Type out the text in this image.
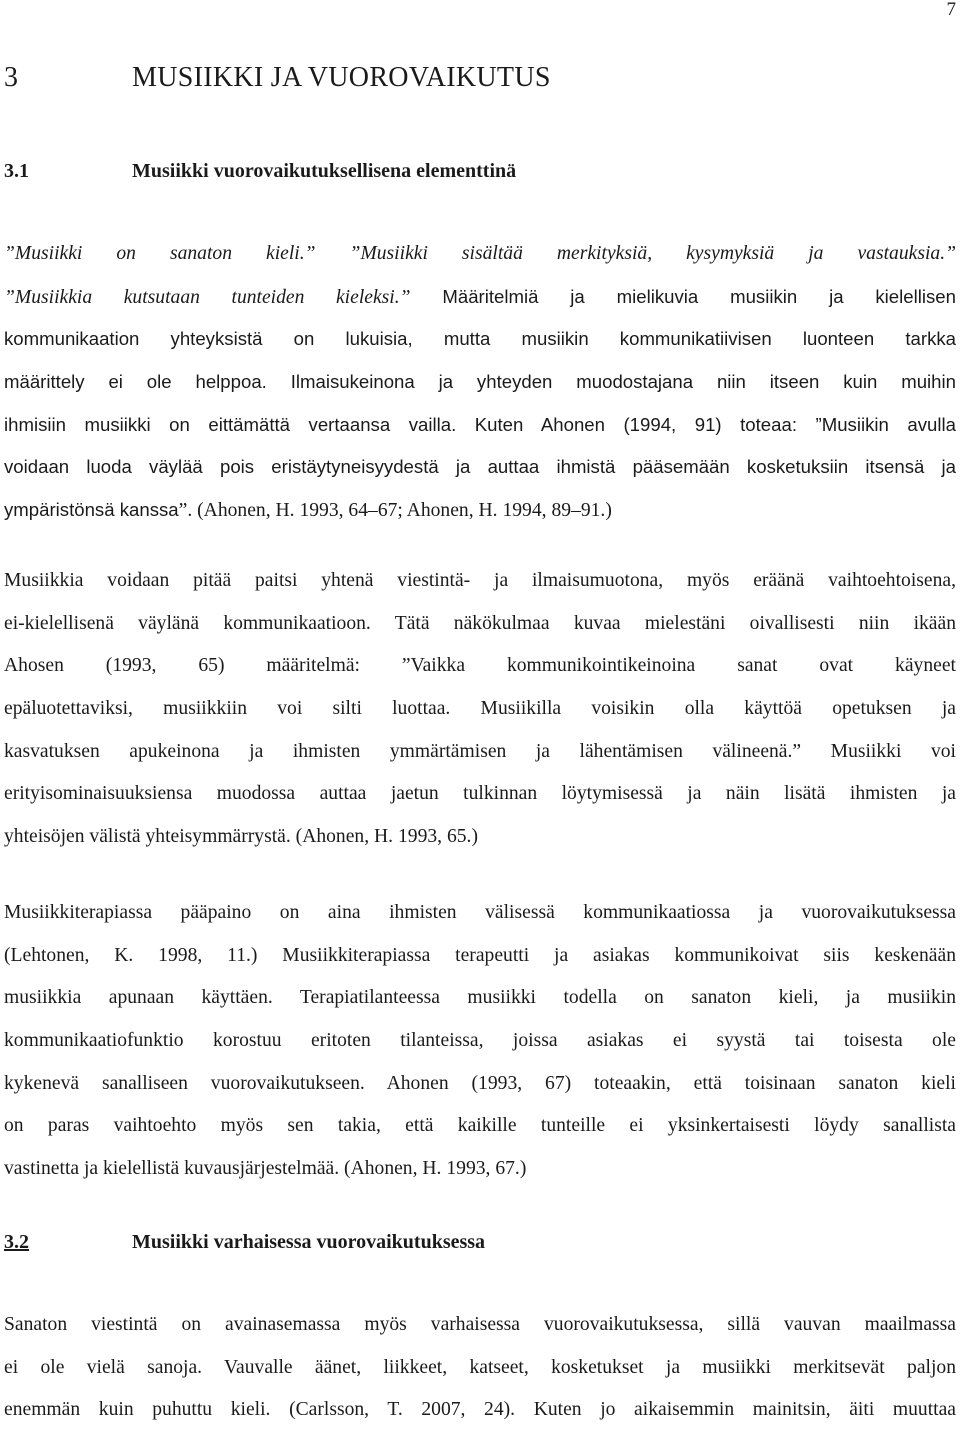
7
3	MUSIIKKI JA VUOROVAIKUTUS
3.1	Musiikki vuorovaikutuksellisena elementtinä
”Musiikki on sanaton kieli.” ”Musiikki sisältää merkityksiä, kysymyksiä ja vastauksia.”
”Musiikkia kutsutaan tunteiden kieleksi.” Määritelmiä ja mielikuvia musiikin ja kielellisen
kommunikaation yhteyksistä on lukuisia, mutta musiikin kommunikatiivisen luonteen tarkka
määrittely ei ole helppoa. Ilmaisukeinona ja yhteyden muodostajana niin itseen kuin muihin
ihmisiin musiikki on eittämättä vertaansa vailla. Kuten Ahonen (1994, 91) toteaa: ”Musiikin avulla
voidaan luoda väylää pois eristäytyneisyydestä ja auttaa ihmistä pääsemään kosketuksiin itsensä ja
ympäristönsä kanssa”. (Ahonen, H. 1993, 64–67; Ahonen, H. 1994, 89–91.)
Musiikkia voidaan pitää paitsi yhtenä viestintä- ja ilmaisumuotona, myös eräänä vaihtoehtoisena,
ei-kielellisenä väylänä kommunikaatioon. Tätä näkökulmaa kuvaa mielestäni oivallisesti niin ikään
Ahosen (1993, 65) määritelmä: ”Vaikka kommunikointikeinoina sanat ovat käyneet
epäluotettaviksi, musiikkiin voi silti luottaa. Musiikilla voisikin olla käyttöä opetuksen ja
kasvatuksen apukeinona ja ihmisten ymmärtämisen ja lähentämisen välineenä.” Musiikki voi
erityisominaisuuksiensa muodossa auttaa jaetun tulkinnan löytymisessä ja näin lisätä ihmisten ja
yhteisöjen välistä yhteisymmärrystä. (Ahonen, H. 1993, 65.)
Musiikkiterapiassa pääpaino on aina ihmisten välisessä kommunikaatiossa ja vuorovaikutuksessa
(Lehtonen, K. 1998, 11.) Musiikkiterapiassa terapeutti ja asiakas kommunikoivat siis keskenään
musiikkia apunaan käyttäen. Terapiatilanteessa musiikki todella on sanaton kieli, ja musiikin
kommunikaatiofunktio korostuu eritoten tilanteissa, joissa asiakas ei syystä tai toisesta ole
kykenevä sanalliseen vuorovaikutukseen. Ahonen (1993, 67) toteaakin, että toisinaan sanaton kieli
on paras vaihtoehto myös sen takia, että kaikille tunteille ei yksinkertaisesti löydy sanallista
vastinetta ja kielellistä kuvausjärjestelmää. (Ahonen, H. 1993, 67.)
3.2	Musiikki varhaisessa vuorovaikutuksessa
Sanaton viestintä on avainasemassa myös varhaisessa vuorovaikutuksessa, sillä vauvan maailmassa
ei ole vielä sanoja. Vauvalle äänet, liikkeet, katseet, kosketukset ja musiikki merkitsevät paljon
enemmän kuin puhuttu kieli. (Carlsson, T. 2007, 24). Kuten jo aikaisemmin mainitsin, äiti muuttaa
